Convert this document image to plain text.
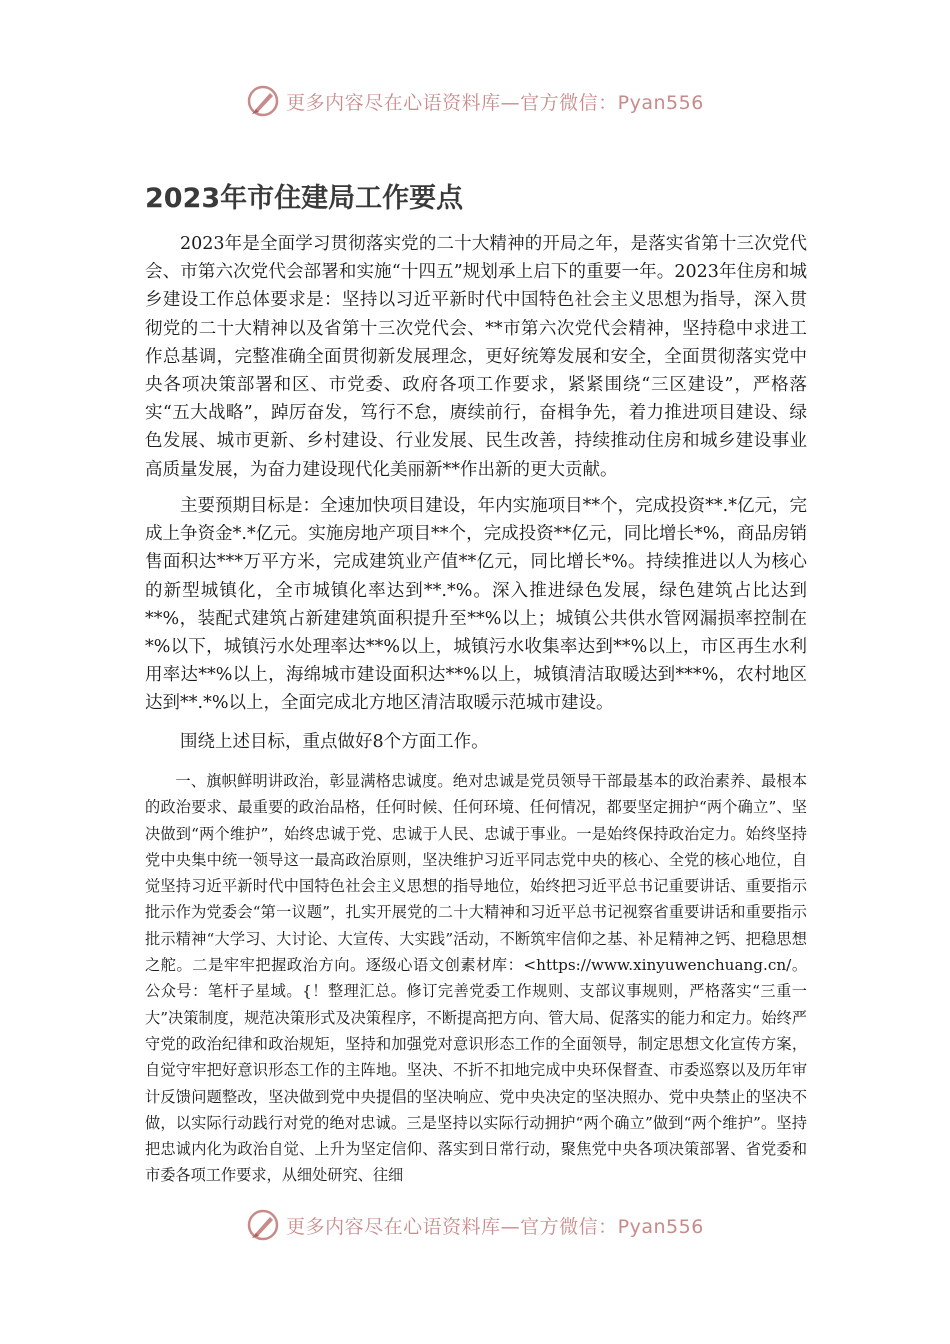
更多内容尽在心语资料库—官方微信：Pyan556
2023年市住建局工作要点

2023年是全面学习贯彻落实党的二十大精神的开局之年，是落实省第十三次党代会、市第六次党代会部署和实施“十四五”规划承上启下的重要一年。2023年住房和城乡建设工作总体要求是：坚持以习近平新时代中国特色社会主义思想为指导，深入贯彻党的二十大精神以及省第十三次党代会、**市第六次党代会精神，坚持稳中求进工作总基调，完整准确全面贯彻新发展理念，更好统筹发展和安全，全面贯彻落实党中央各项决策部署和区、市党委、政府各项工作要求，紧紧围绕“三区建设”，严格落实“五大战略”，踔厉奋发，笃行不怠，赓续前行，奋楫争先，着力推进项目建设、绿色发展、城市更新、乡村建设、行业发展、民生改善，持续推动住房和城乡建设事业高质量发展，为奋力建设现代化美丽新**作出新的更大贡献。

主要预期目标是：全速加快项目建设，年内实施项目**个，完成投资**.*亿元，完成上争资金*.*亿元。实施房地产项目**个，完成投资**亿元，同比增长*%，商品房销售面积达***万平方米，完成建筑业产值**亿元，同比增长*%。持续推进以人为核心的新型城镇化，全市城镇化率达到**.*%。深入推进绿色发展，绿色建筑占比达到**%，装配式建筑占新建建筑面积提升至**%以上；城镇公共供水管网漏损率控制在*%以下，城镇污水处理率达**%以上，城镇污水收集率达到**%以上，市区再生水利用率达**%以上，海绵城市建设面积达**%以上，城镇清洁取暖达到***%，农村地区达到**.*%以上，全面完成北方地区清洁取暖示范城市建设。

围绕上述目标，重点做好8个方面工作。

一、旗帜鲜明讲政治，彰显满格忠诚度。绝对忠诚是党员领导干部最基本的政治素养、最根本的政治要求、最重要的政治品格，任何时候、任何环境、任何情况，都要坚定拥护“两个确立”、坚决做到“两个维护”，始终忠诚于党、忠诚于人民、忠诚于事业。一是始终保持政治定力。始终坚持党中央集中统一领导这一最高政治原则，坚决维护习近平同志党中央的核心、全党的核心地位，自觉坚持习近平新时代中国特色社会主义思想的指导地位，始终把习近平总书记重要讲话、重要指示批示作为党委会“第一议题”，扎实开展党的二十大精神和习近平总书记视察省重要讲话和重要指示批示精神“大学习、大讨论、大宣传、大实践”活动，不断筑牢信仰之基、补足精神之钙、把稳思想之舵。二是牢牢把握政治方向。逐级心语文创素材库：<https://www.xinyuwenchuang.cn/。公众号：笔杆子星域。{！整理汇总。修订完善党委工作规则、支部议事规则，严格落实“三重一大”决策制度，规范决策形式及决策程序，不断提高把方向、管大局、促落实的能力和定力。始终严守党的政治纪律和政治规矩，坚持和加强党对意识形态工作的全面领导，制定思想文化宣传方案，自觉守牢把好意识形态工作的主阵地。坚决、不折不扣地完成中央环保督查、市委巡察以及历年审计反馈问题整改，坚决做到党中央提倡的坚决响应、党中央决定的坚决照办、党中央禁止的坚决不做，以实际行动践行对党的绝对忠诚。三是坚持以实际行动拥护“两个确立”做到“两个维护”。坚持把忠诚内化为政治自觉、上升为坚定信仰、落实到日常行动，聚焦党中央各项决策部署、省党委和市委各项工作要求，从细处研究、往细

更多内容尽在心语资料库—官方微信：Pyan556
